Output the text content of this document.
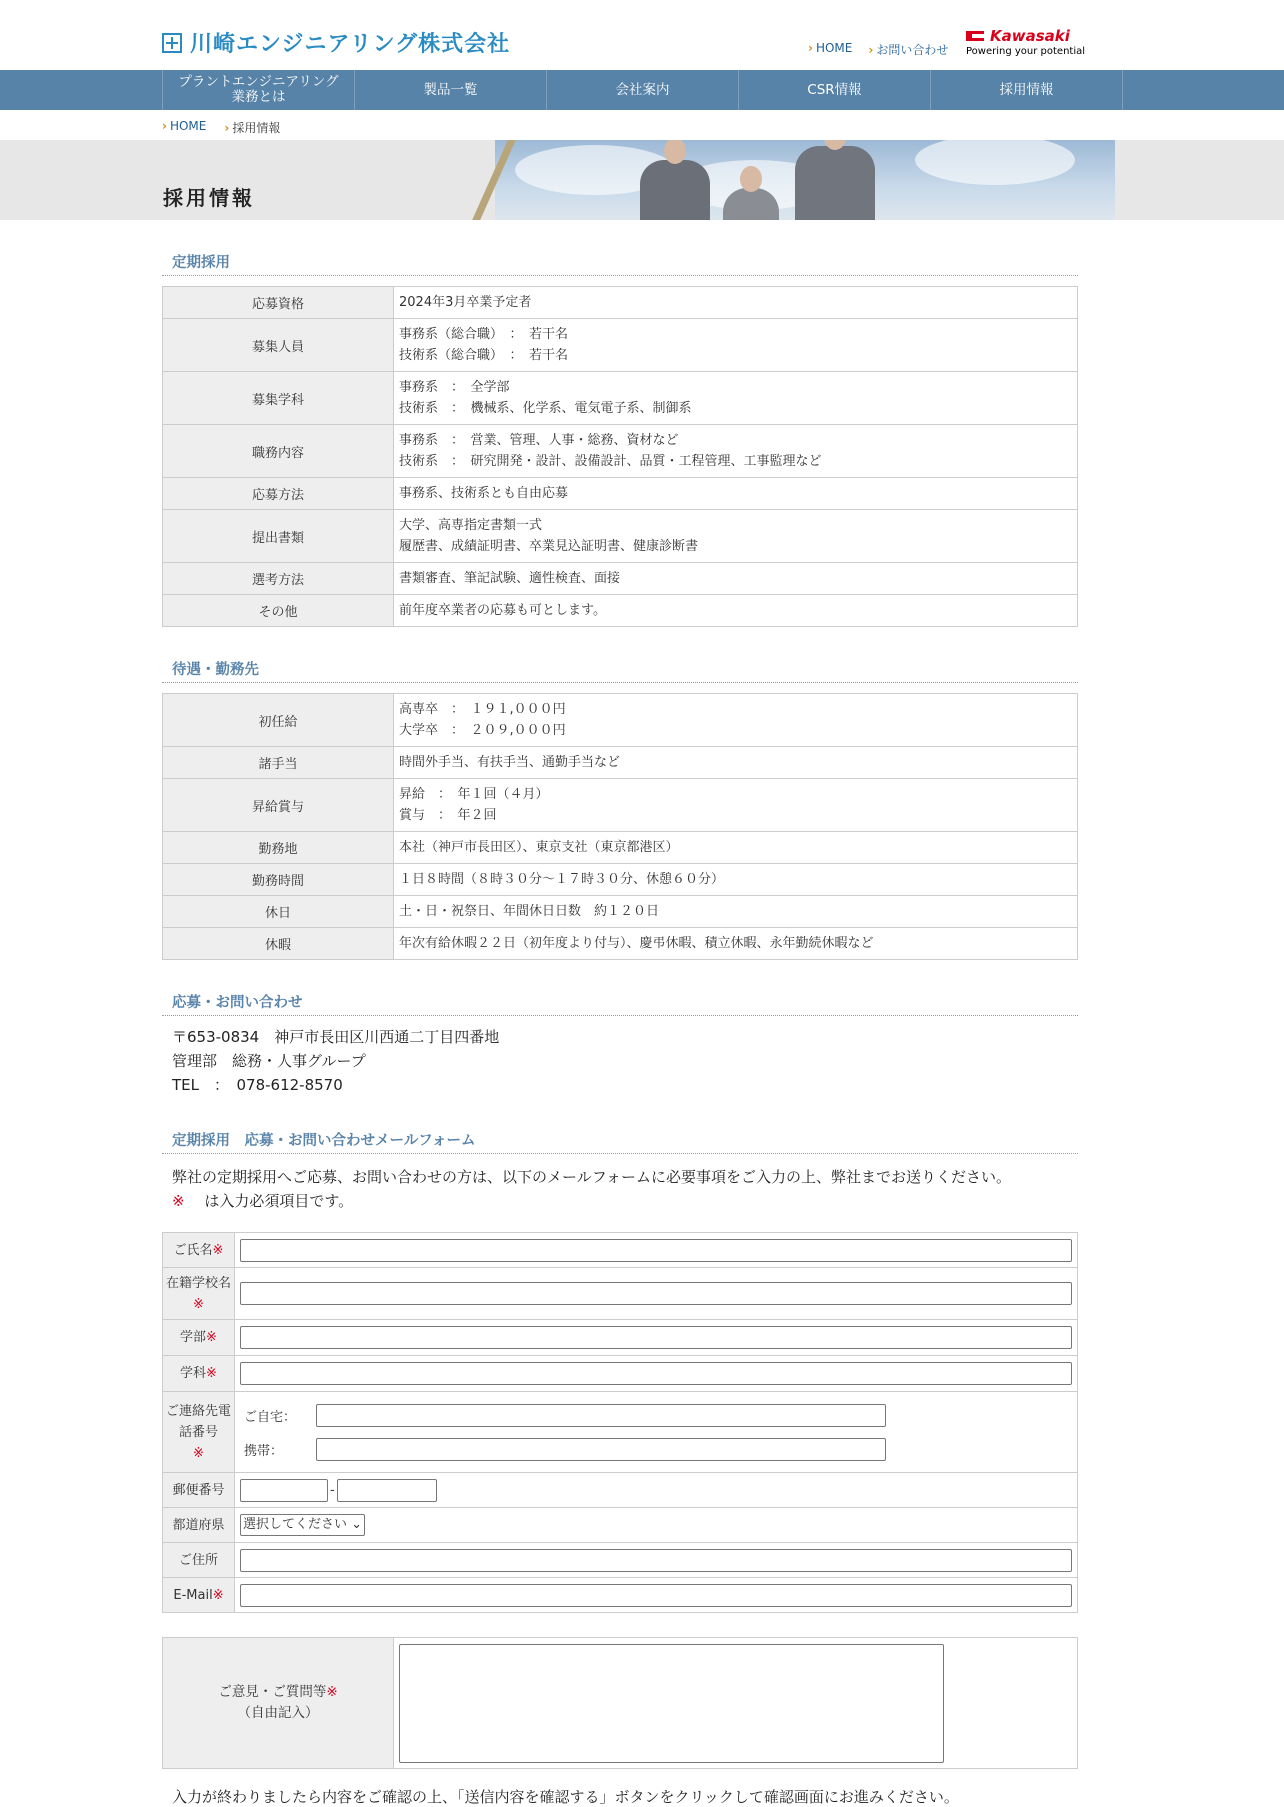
川崎エンジニアリング株式会社	› HOME	› お問い合わせ
Kawasaki
Powering your potential
プラントエンジニアリング
業務とは	製品一覧	会社案内	CSR情報	採用情報
› HOME	› 採用情報
採用情報
定期採用
応募資格	2024年3月卒業予定者

募集人員	事務系（総合職）　：　若干名
技術系（総合職）　：　若干名

募集学科	事務系　：　全学部
技術系　：　機械系、化学系、電気電子系、制御系

職務内容	事務系　：　営業、管理、人事・総務、資材など
技術系　：　研究開発・設計、設備設計、品質・工程管理、工事監理など

応募方法	事務系、技術系とも自由応募

提出書類	大学、高専指定書類一式
履歴書、成績証明書、卒業見込証明書、健康診断書

選考方法	書類審査、筆記試験、適性検査、面接

その他	前年度卒業者の応募も可とします。
待遇・勤務先
初任給	高専卒　：　１９１,０００円
大学卒　：　２０９,０００円

諸手当	時間外手当、有扶手当、通勤手当など

昇給賞与	昇給　：　年１回（４月）
賞与　：　年２回

勤務地	本社（神戸市長田区）、東京支社（東京都港区）

勤務時間	１日８時間（８時３０分～１７時３０分、休憩６０分）

休日	土・日・祝祭日、年間休日日数　約１２０日

休暇	年次有給休暇２２日（初年度より付与）、慶弔休暇、積立休暇、永年勤続休暇など
応募・お問い合わせ
〒653-0834　神戸市長田区川西通二丁目四番地
管理部　総務・人事グループ
TEL　：　078-612-8570
定期採用　応募・お問い合わせメールフォーム
弊社の定期採用へご応募、お問い合わせの方は、以下のメールフォームに必要事項をご入力の上、弊社までお送りください。
※　 は入力必須項目です。
ご氏名※	

在籍学校名※	

学部※	

学科※	

ご連絡先電話番号
※	ご自宅：
携帯：

郵便番号	-
都道府県	選択してください ⌄
ご住所	

E-Mail※	
ご意見・ご質問等※
（自由記入）	
入力が終わりましたら内容をご確認の上、「送信内容を確認する」ボタンをクリックして確認画面にお進みください。
